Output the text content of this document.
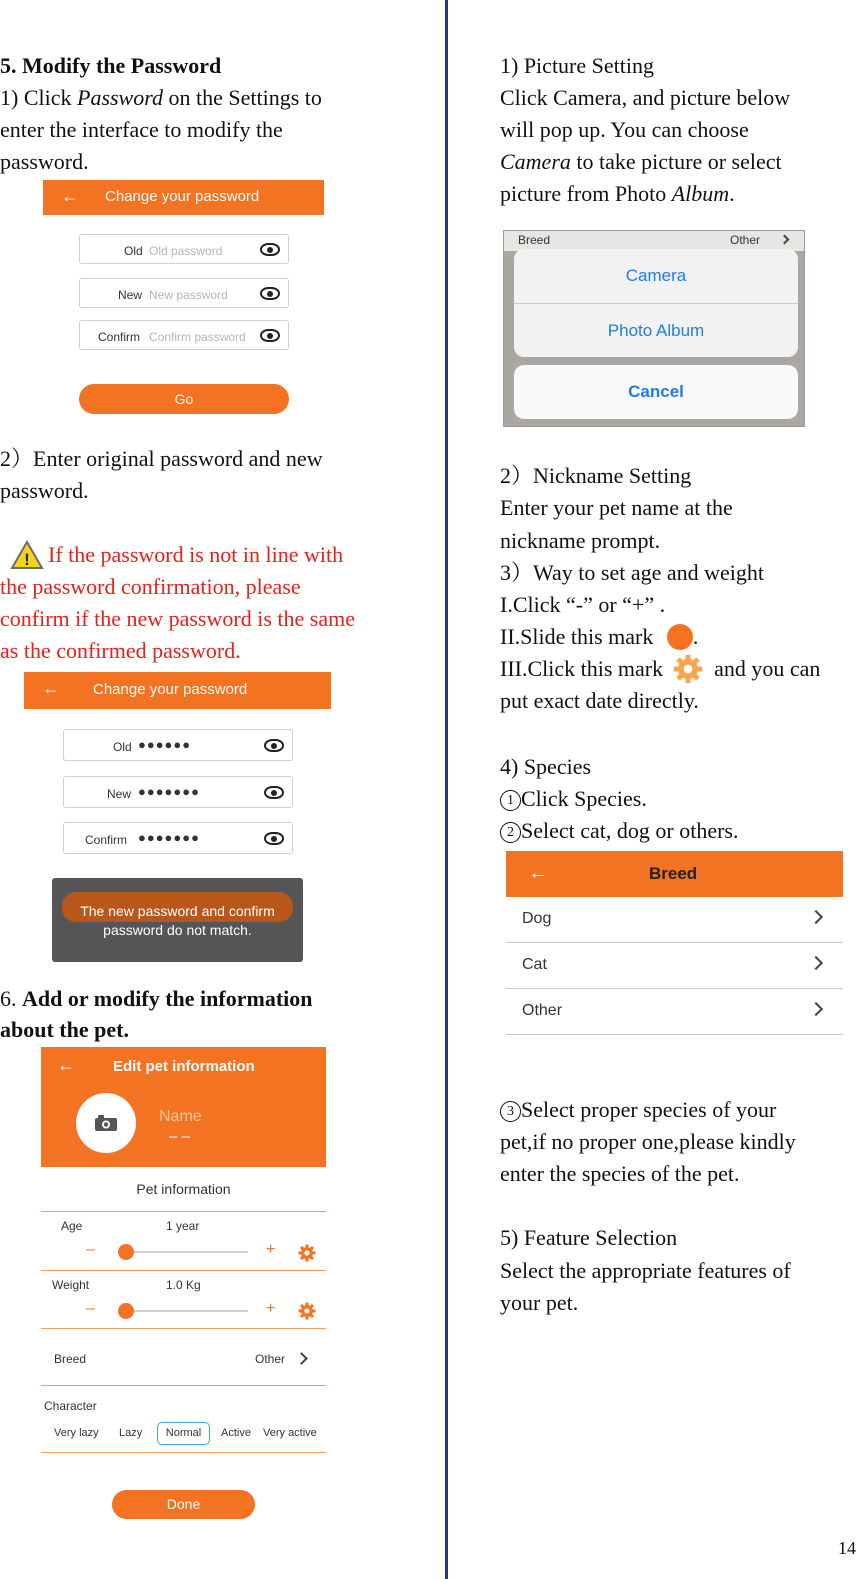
5. Modify the Password
1) Click Password on the Settings to
enter the interface to modify the
password.
← Change your password
Old Old password
New New password
Confirm Confirm password
Go
2）Enter original password and new
password.
! If the password is not in line with
the password confirmation, please
confirm if the new password is the same
as the confirmed password.
← Change your password
Old ●●●●●●
New ●●●●●●●
Confirm ●●●●●●●
The new password and confirm
password do not match.
6. Add or modify the information
about the pet.
←	Edit pet information
Name
– –
Pet information
Age	1 year
–	+
Weight	1.0 Kg
–	+
Breed	Other
Character
Very lazy Lazy	Normal	Active Very active
Done
1) Picture Setting
Click Camera, and picture below
will pop up. You can choose
Camera to take picture or select
picture from Photo Album.
Breed	Other
Camera
Photo Album
Cancel
2）Nickname Setting
Enter your pet name at the
nickname prompt.
3）Way to set age and weight
I.Click “-” or “+” .
II.Slide this mark .
III.Click this mark  and you can
put exact date directly.
4) Species
1 Click Species.
2 Select cat, dog or others.
←	Breed
Dog
Cat
Other
3 Select proper species of your
pet,if no proper one,please kindly
enter the species of the pet.
5) Feature Selection
Select the appropriate features of
your pet.
14
